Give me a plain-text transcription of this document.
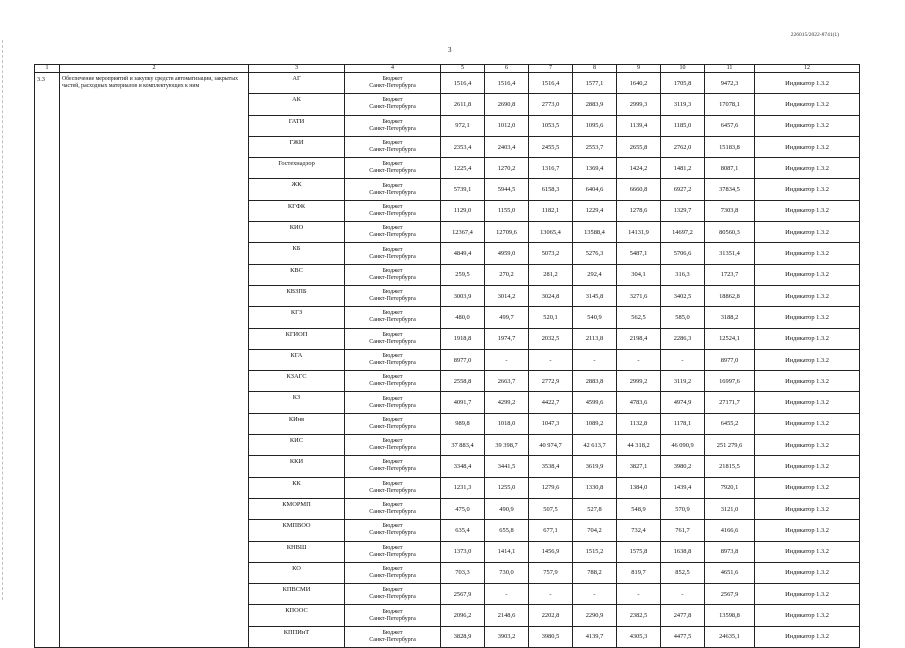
226015/2022-8741(1)
3
1	2	3	4	5	6	7	8	9	10	11	12
3.3	Обеспечение мероприятий и закупку средств автоматизации, закрытых частей, расходных материалов и комплектующих к ним	АГ	Бюджет
Санкт-Петербурга	1516,4	1516,4	1516,4	1577,1	1640,2	1705,8	9472,3	Индикатор 1.3.2
		АК	Бюджет
Санкт-Петербурга	2611,8	2690,8	2773,0	2883,9	2999,3	3119,3	17078,1	Индикатор 1.3.2
		ГАТИ	Бюджет
Санкт-Петербурга	972,1	1012,0	1053,5	1095,6	1139,4	1185,0	6457,6	Индикатор 1.3.2
		ГЖИ	Бюджет
Санкт-Петербурга	2353,4	2403,4	2455,5	2553,7	2655,8	2762,0	15183,8	Индикатор 1.3.2
		Гостехнадзор	Бюджет
Санкт-Петербурга	1225,4	1270,2	1316,7	1369,4	1424,2	1481,2	8087,1	Индикатор 1.3.2
		ЖК	Бюджет
Санкт-Петербурга	5739,1	5944,5	6158,3	6404,6	6660,8	6927,2	37834,5	Индикатор 1.3.2
		КГФК	Бюджет
Санкт-Петербурга	1129,0	1155,0	1182,1	1229,4	1278,6	1329,7	7303,8	Индикатор 1.3.2
		КИО	Бюджет
Санкт-Петербурга	12367,4	12709,6	13065,4	13588,4	14131,9	14697,2	80560,3	Индикатор 1.3.2
		КБ	Бюджет
Санкт-Петербурга	4849,4	4959,0	5073,2	5276,3	5487,1	5706,6	31351,4	Индикатор 1.3.2
		КВС	Бюджет
Санкт-Петербурга	259,5	270,2	281,2	292,4	304,1	316,3	1723,7	Индикатор 1.3.2
		КВЗПБ	Бюджет
Санкт-Петербурга	3003,9	3014,2	3024,8	3145,8	3271,6	3402,5	18862,8	Индикатор 1.3.2
		КГЗ	Бюджет
Санкт-Петербурга	480,0	499,7	520,1	540,9	562,5	585,0	3188,2	Индикатор 1.3.2
		КГИОП	Бюджет
Санкт-Петербурга	1918,8	1974,7	2032,5	2113,8	2198,4	2286,3	12524,1	Индикатор 1.3.2
		КГА	Бюджет
Санкт-Петербурга	8977,0	-	-	-	-	-	8977,0	Индикатор 1.3.2
		КЗАГС	Бюджет
Санкт-Петербурга	2558,8	2663,7	2772,9	2883,8	2999,2	3119,2	16997,6	Индикатор 1.3.2
		КЗ	Бюджет
Санкт-Петербурга	4091,7	4299,2	4422,7	4599,6	4783,6	4974,9	27171,7	Индикатор 1.3.2
		КИнв	Бюджет
Санкт-Петербурга	989,8	1018,0	1047,3	1089,2	1132,8	1178,1	6455,2	Индикатор 1.3.2
		КИС	Бюджет
Санкт-Петербурга	37 883,4	39 398,7	40 974,7	42 613,7	44 318,2	46 090,9	251 279,6	Индикатор 1.3.2
		ККИ	Бюджет
Санкт-Петербурга	3348,4	3441,5	3538,4	3619,9	3827,1	3980,2	21815,5	Индикатор 1.3.2
		КК	Бюджет
Санкт-Петербурга	1231,3	1255,0	1279,6	1330,8	1384,0	1439,4	7920,1	Индикатор 1.3.2
		КМОРМП	Бюджет
Санкт-Петербурга	475,0	490,9	507,5	527,8	548,9	570,9	3121,0	Индикатор 1.3.2
		КМПВОО	Бюджет
Санкт-Петербурга	635,4	655,8	677,1	704,2	732,4	761,7	4166,6	Индикатор 1.3.2
		КНВШ	Бюджет
Санкт-Петербурга	1373,0	1414,1	1456,9	1515,2	1575,8	1638,8	8973,8	Индикатор 1.3.2
		КО	Бюджет
Санкт-Петербурга	703,3	730,0	757,9	788,2	819,7	852,5	4651,6	Индикатор 1.3.2
		КПВСМИ	Бюджет
Санкт-Петербурга	2567,9	-	-	-	-	-	2567,9	Индикатор 1.3.2
		КПООС	Бюджет
Санкт-Петербурга	2096,2	2148,6	2202,8	2290,9	2382,5	2477,8	13598,8	Индикатор 1.3.2
		КППИнТ	Бюджет
Санкт-Петербурга	3828,9	3903,2	3980,5	4139,7	4305,3	4477,5	24635,1	Индикатор 1.3.2
